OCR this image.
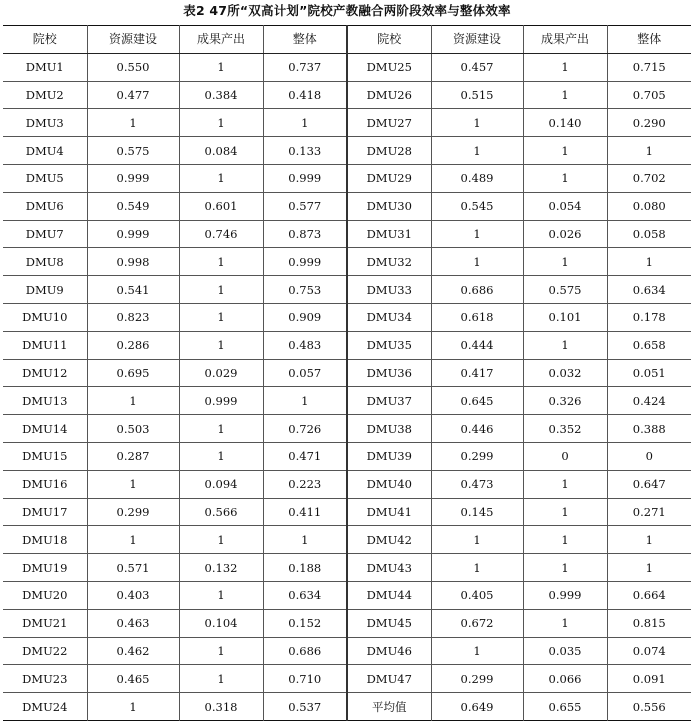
表2 47所“双高计划”院校产教融合两阶段效率与整体效率
院校	资源建设	成果产出	整体	院校	资源建设	成果产出	整体
DMU1	0.550	1	0.737	DMU25	0.457	1	0.715
DMU2	0.477	0.384	0.418	DMU26	0.515	1	0.705
DMU3	1	1	1	DMU27	1	0.140	0.290
DMU4	0.575	0.084	0.133	DMU28	1	1	1
DMU5	0.999	1	0.999	DMU29	0.489	1	0.702
DMU6	0.549	0.601	0.577	DMU30	0.545	0.054	0.080
DMU7	0.999	0.746	0.873	DMU31	1	0.026	0.058
DMU8	0.998	1	0.999	DMU32	1	1	1
DMU9	0.541	1	0.753	DMU33	0.686	0.575	0.634
DMU10	0.823	1	0.909	DMU34	0.618	0.101	0.178
DMU11	0.286	1	0.483	DMU35	0.444	1	0.658
DMU12	0.695	0.029	0.057	DMU36	0.417	0.032	0.051
DMU13	1	0.999	1	DMU37	0.645	0.326	0.424
DMU14	0.503	1	0.726	DMU38	0.446	0.352	0.388
DMU15	0.287	1	0.471	DMU39	0.299	0	0
DMU16	1	0.094	0.223	DMU40	0.473	1	0.647
DMU17	0.299	0.566	0.411	DMU41	0.145	1	0.271
DMU18	1	1	1	DMU42	1	1	1
DMU19	0.571	0.132	0.188	DMU43	1	1	1
DMU20	0.403	1	0.634	DMU44	0.405	0.999	0.664
DMU21	0.463	0.104	0.152	DMU45	0.672	1	0.815
DMU22	0.462	1	0.686	DMU46	1	0.035	0.074
DMU23	0.465	1	0.710	DMU47	0.299	0.066	0.091
DMU24	1	0.318	0.537	平均值	0.649	0.655	0.556
